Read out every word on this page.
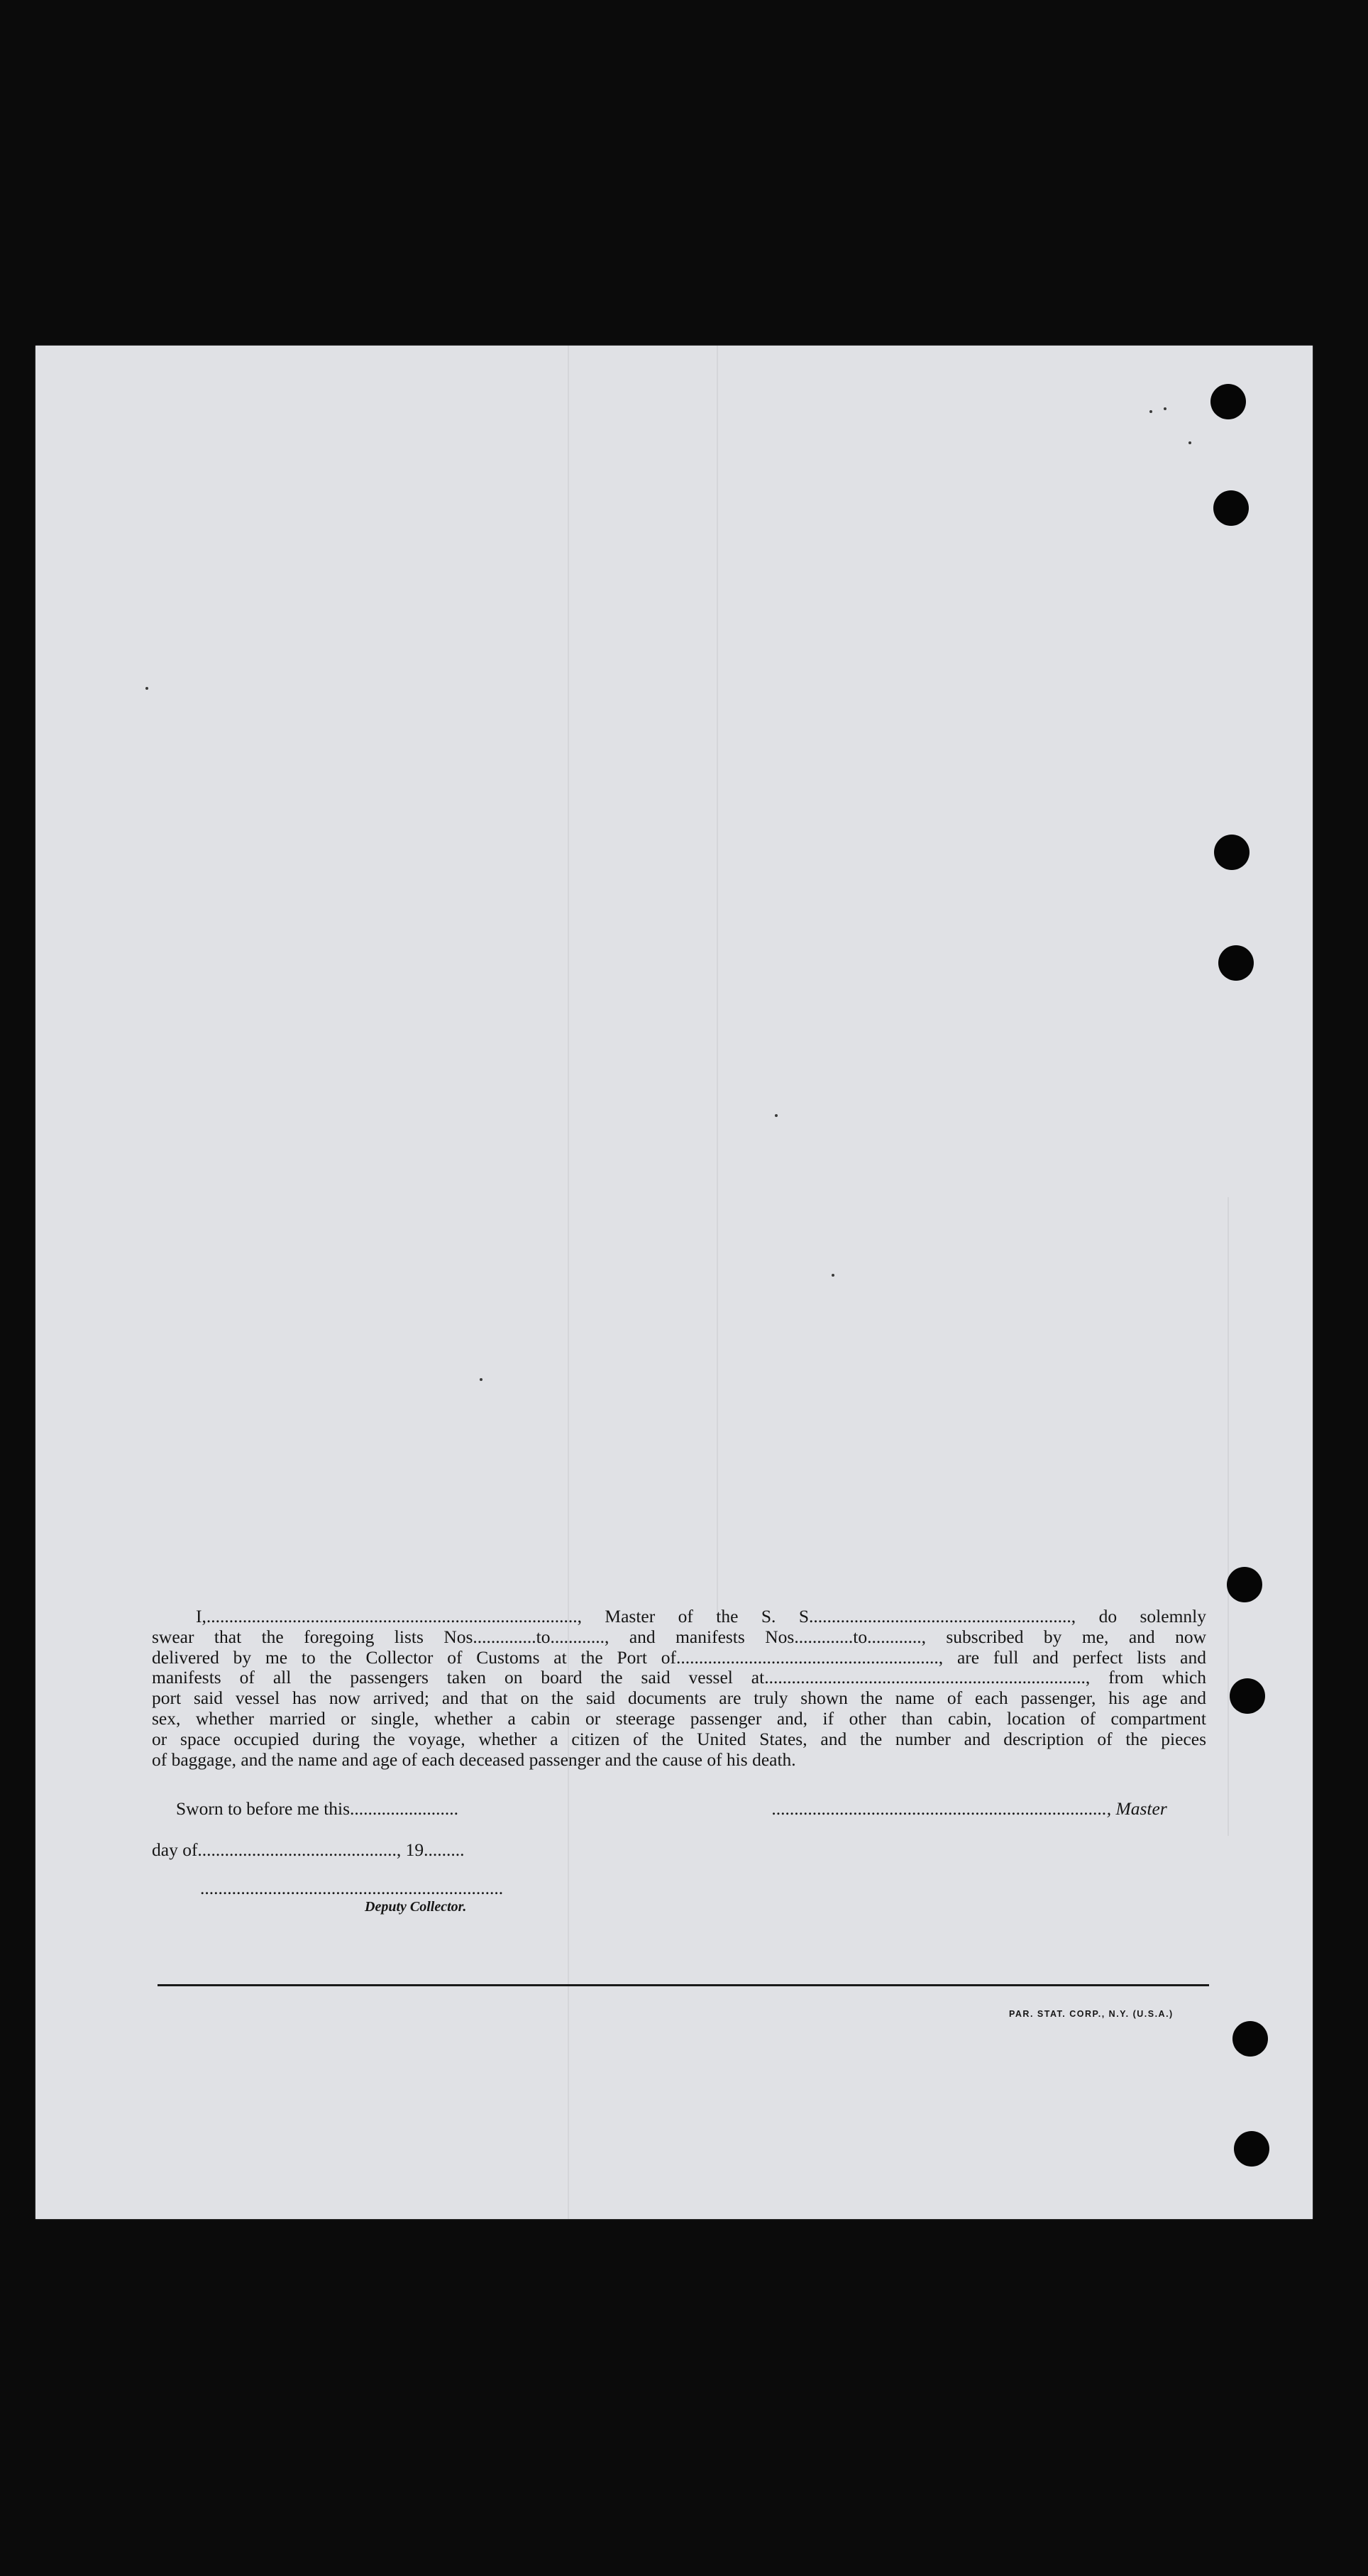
I,.................................................................................., Master of the S. S.........................................................., do solemnly
swear that the foregoing lists Nos..............to............, and manifests Nos.............to............, subscribed by me, and now
delivered by me to the Collector of Customs at the Port of.........................................................., are full and perfect lists and
manifests of all the passengers taken on board the said vessel at......................................................................., from which
port said vessel has now arrived; and that on the said documents are truly shown the name of each passenger, his age and
sex, whether married or single, whether a cabin or steerage passenger and, if other than cabin, location of compartment
or space occupied during the voyage, whether a citizen of the United States, and the number and description of the pieces
of baggage, and the name and age of each deceased passenger and the cause of his death.
Sworn to before me this........................	.........................................................................., Master
day of............................................, 19.........
...................................................................
Deputy Collector.
PAR. STAT. CORP., N.Y. (U.S.A.)
